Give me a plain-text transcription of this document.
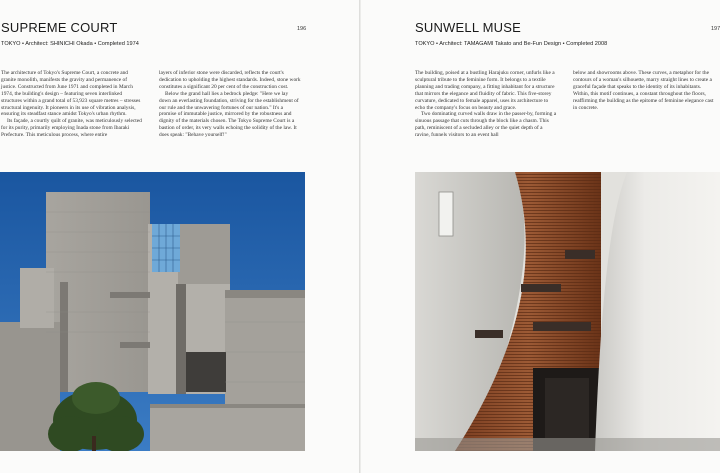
SUPREME COURT	196
TOKYO • Architect: SHINICHI Okada • Completed 1974

The architecture of Tokyo's Supreme Court, a concrete and granite monolith, manifests the gravity and permanence of justice. Constructed from June 1971 and completed in March 1974, the building's design – featuring seven interlinked structures within a grand total of 53,923 square metres – stresses structural ingenuity. It pioneers in its use of vibration analysis, ensuring its steadfast stance amidst Tokyo's urban rhythm.

Its façade, a courtly quilt of granite, was meticulously selected for its purity, primarily employing Inada stone from Ibaraki Prefecture. This meticulous process, where entire

layers of inferior stone were discarded, reflects the court's dedication to upholding the highest standards. Indeed, stone work constitutes a significant 20 per cent of the construction cost.

Below the grand hall lies a bedrock pledge: "Here we lay down an everlasting foundation, striving for the establishment of our rule and the unwavering fortunes of our nation." It's a promise of immutable justice, mirrored by the robustness and dignity of the materials chosen. The Tokyo Supreme Court is a bastion of order, its very walls echoing the solidity of the law. It does speak: "Behave yourself!"

SUNWELL MUSE	197
TOKYO • Architect: TAMAGAMI Takato and Be-Fun Design • Completed 2008

The building, poised at a bustling Harajuku corner, unfurls like a sculptural tribute to the feminine form. It belongs to a textile planning and trading company, a fitting inhabitant for a structure that mirrors the elegance and fluidity of fabric. This five-storey curvature, dedicated to female apparel, uses its architecture to echo the company's focus on beauty and grace.

Two dominating curved walls draw in the passer-by, forming a sinuous passage that cuts through the block like a chasm. This path, reminiscent of a secluded alley or the quiet depth of a ravine, funnels visitors to an event hall

below and showrooms above. These curves, a metaphor for the contours of a woman's silhouette, marry straight lines to create a graceful façade that speaks to the identity of its inhabitants. Within, this motif continues, a constant throughout the floors, reaffirming the building as the epitome of feminine elegance cast in concrete.
